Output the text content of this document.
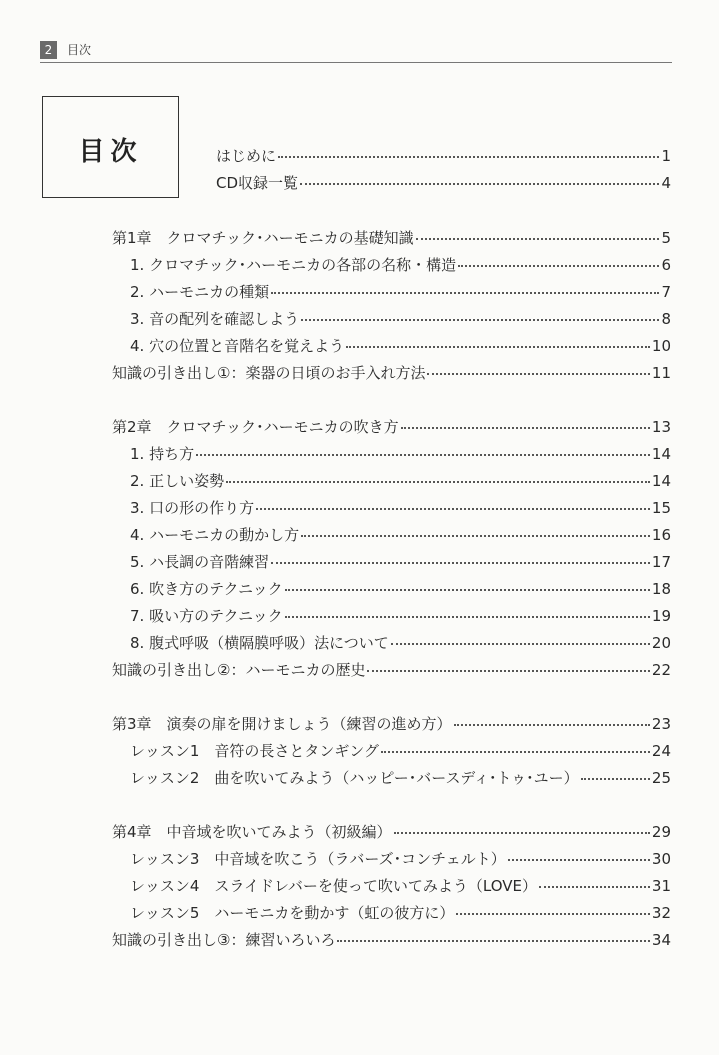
2	目次
目次	はじめに	1
CD収録一覧	4
第1章　クロマチック･ハーモニカの基礎知識	5
1. クロマチック･ハーモニカの各部の名称・構造	6
2. ハーモニカの種類	7
3. 音の配列を確認しよう	8
4. 穴の位置と音階名を覚えよう	10
知識の引き出し①：楽器の日頃のお手入れ方法	11
第2章　クロマチック･ハーモニカの吹き方	13
1. 持ち方	14
2. 正しい姿勢	14
3. 口の形の作り方	15
4. ハーモニカの動かし方	16
5. ハ長調の音階練習	17
6. 吹き方のテクニック	18
7. 吸い方のテクニック	19
8. 腹式呼吸（横隔膜呼吸）法について	20
知識の引き出し②：ハーモニカの歴史	22
第3章　演奏の扉を開けましょう（練習の進め方）	23
レッスン1　音符の長さとタンギング	24
レッスン2　曲を吹いてみよう（ハッピー･バースディ･トゥ･ユー）	25
第4章　中音域を吹いてみよう（初級編）	29
レッスン3　中音域を吹こう（ラバーズ･コンチェルト）	30
レッスン4　スライドレバーを使って吹いてみよう（LOVE）	31
レッスン5　ハーモニカを動かす（虹の彼方に）	32
知識の引き出し③：練習いろいろ	34
